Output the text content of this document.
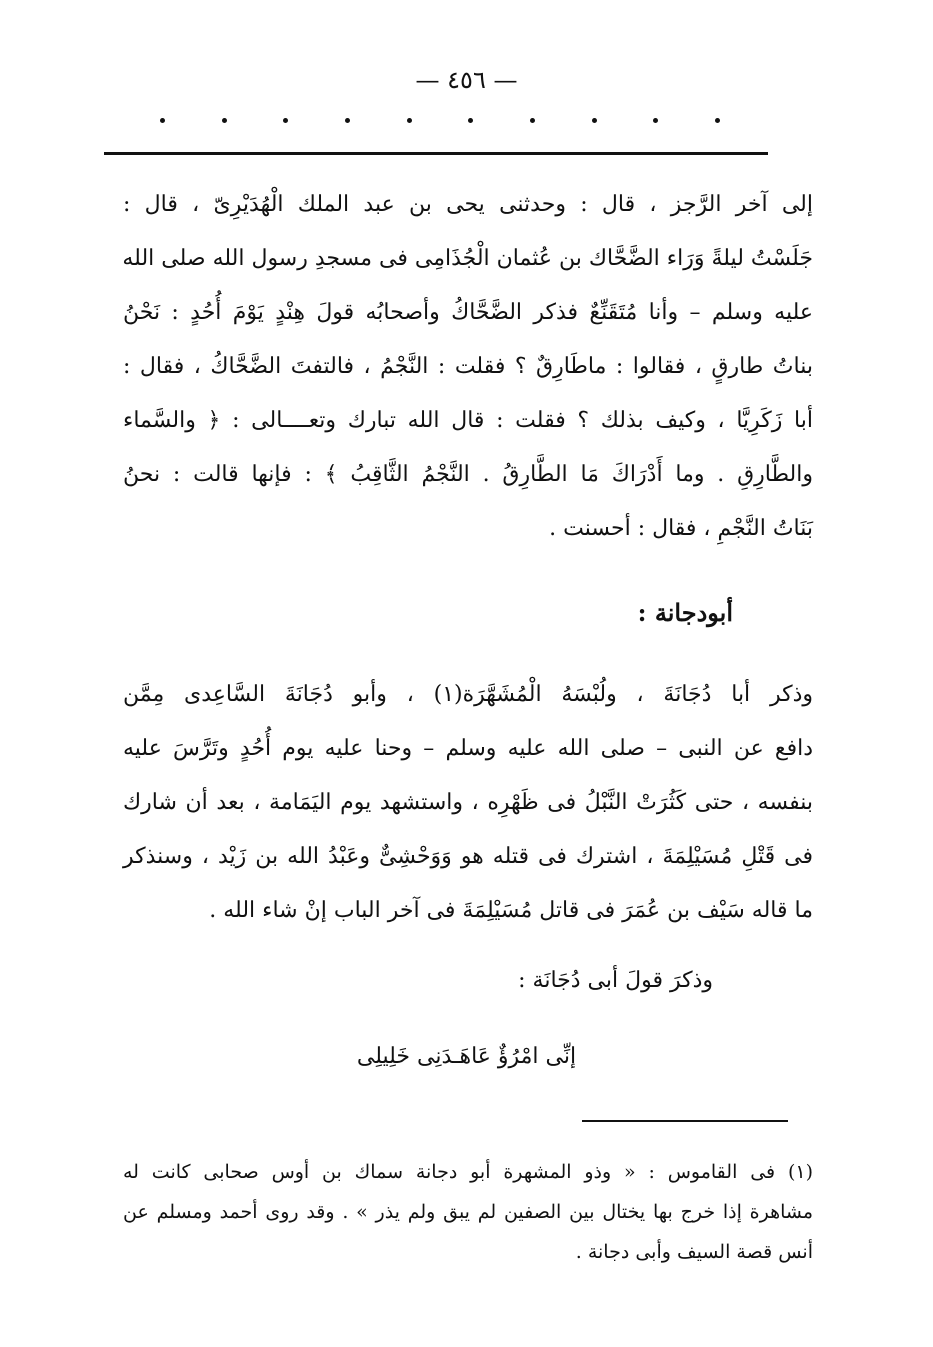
— ٤٥٦ —

إلى آخر الرَّجز ، قال : وحدثنى يحى بن عبد الملك الْهُدَيْرِىّ ، قال :
جَلَسْتُ ليلةً وَرَاء الضَّحَّاك بن عُثمان الْجُذَامِى فى مسجدِ رسول الله صلى الله
عليه وسلم – وأنا مُتَقَنِّعٌ فذكر الضَّحَّاكُ وأصحابُه قولَ هِنْدٍ يَوْمَ أُحُدٍ : نَحْنُ
بناتُ طارقٍ ، فقالوا : ماطَارِقٌ ؟ فقلت : النَّجْمُ ، فالتفتَ الضَّحَّاكُ ، فقال :
أبا زَكَرِيَّا ، وكيف بذلك ؟ فقلت : قال الله تبارك وتعــــالى : ﴿ والسَّماء
والطَّارِقِ . وما أَدْرَاكَ مَا الطَّارِقُ . النَّجْمُ الثَّاقِبُ ﴾ : فإنها قالت : نحنُ
بَنَاتُ النَّجْمِ ، فقال : أحسنت .

أبودجانة :

وذكر أبا دُجَانَةَ ، ولُبْسَهُ الْمُشَهَّرَة(١) ، وأبو دُجَانَةَ السَّاعِدى مِمَّن
دافع عن النبى – صلى الله عليه وسلم – وحنا عليه يوم أُحُدٍ وتَرَّسَ عليه
بنفسه ، حتى كَثُرَتْ النَّبْلُ فى ظَهْرِه ، واستشهد يوم اليَمَامة ، بعد أن شارك
فى قَتْلِ مُسَيْلِمَةَ ، اشترك فى قتله هو وَوَحْشِىٌّ وعَبْدُ الله بن زَيْد ، وسنذكر
ما قاله سَيْف بن عُمَرَ فى قاتل مُسَيْلِمَةَ فى آخر الباب إنْ شاء الله .

وذكرَ قولَ أبى دُجَانَة :
إنِّى امْرُؤٌ عَاهَـدَنِى خَلِيلِى

(١) فى القاموس : « وذو المشهرة أبو دجانة سماك بن أوس صحابى كانت له
مشاهرة إذا خرج بها يختال بين الصفين لم يبق ولم يذر » . وقد روى أحمد ومسلم عن
أنس قصة السيف وأبى دجانة .
